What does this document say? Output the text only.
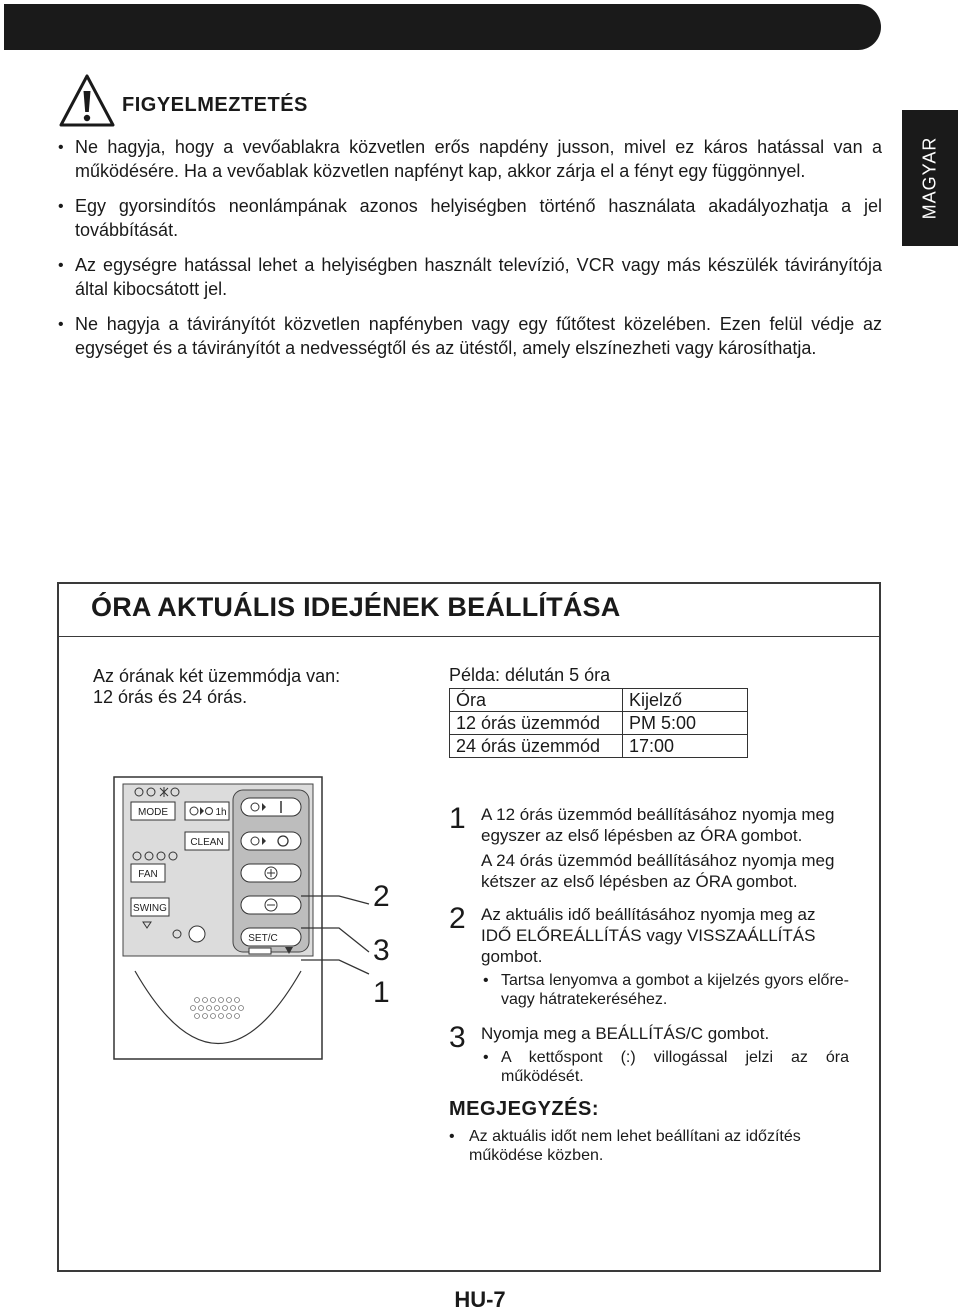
MAGYAR
FIGYELMEZTETÉS
• Ne hagyja, hogy a vevőablakra közvetlen erős napdény jusson, mivel ez káros hatással van a működésére. Ha a vevőablak közvetlen napfényt kap, akkor zárja el a fényt egy függönnyel.
• Egy gyorsindítós neonlámpának azonos helyiségben történő használata akadályozhatja a jel továbbítását.
• Az egységre hatással lehet a helyiségben használt televízió, VCR vagy más készülék távirányítója által kibocsátott jel.
• Ne hagyja a távirányítót közvetlen napfényben vagy egy fűtőtest közelében. Ezen felül védje az egységet és a távirányítót a nedvességtől és az ütéstől, amely elszínezheti vagy károsíthatja.
ÓRA AKTUÁLIS IDEJÉNEK BEÁLLÍTÁSA
Az órának két üzemmódja van:
12 órás és 24 órás.
Példa: délután 5 óra
Óra	Kijelző
12 órás üzemmód	PM 5:00
24 órás üzemmód	17:00
MODE	1h
CLEAN
FAN
SWING
SET/C
2
3
1
1 A 12 órás üzemmód beállításához nyomja meg egyszer az első lépésben az ÓRA gombot.

A 24 órás üzemmód beállításához nyomja meg kétszer az első lépésben az ÓRA gombot.

2 Az aktuális idő beállításához nyomja meg az IDŐ ELŐREÁLLÍTÁS vagy VISSZAÁLLÍTÁS gombot.

• Tartsa lenyomva a gombot a kijelzés gyors előre- vagy hátratekeréséhez.
3 Nyomja meg a BEÁLLÍTÁS/C gombot.

• A kettőspont (:) villogással jelzi az óra működését.
MEGJEGYZÉS:
• Az aktuális időt nem lehet beállítani az időzítés működése közben.
HU-7
